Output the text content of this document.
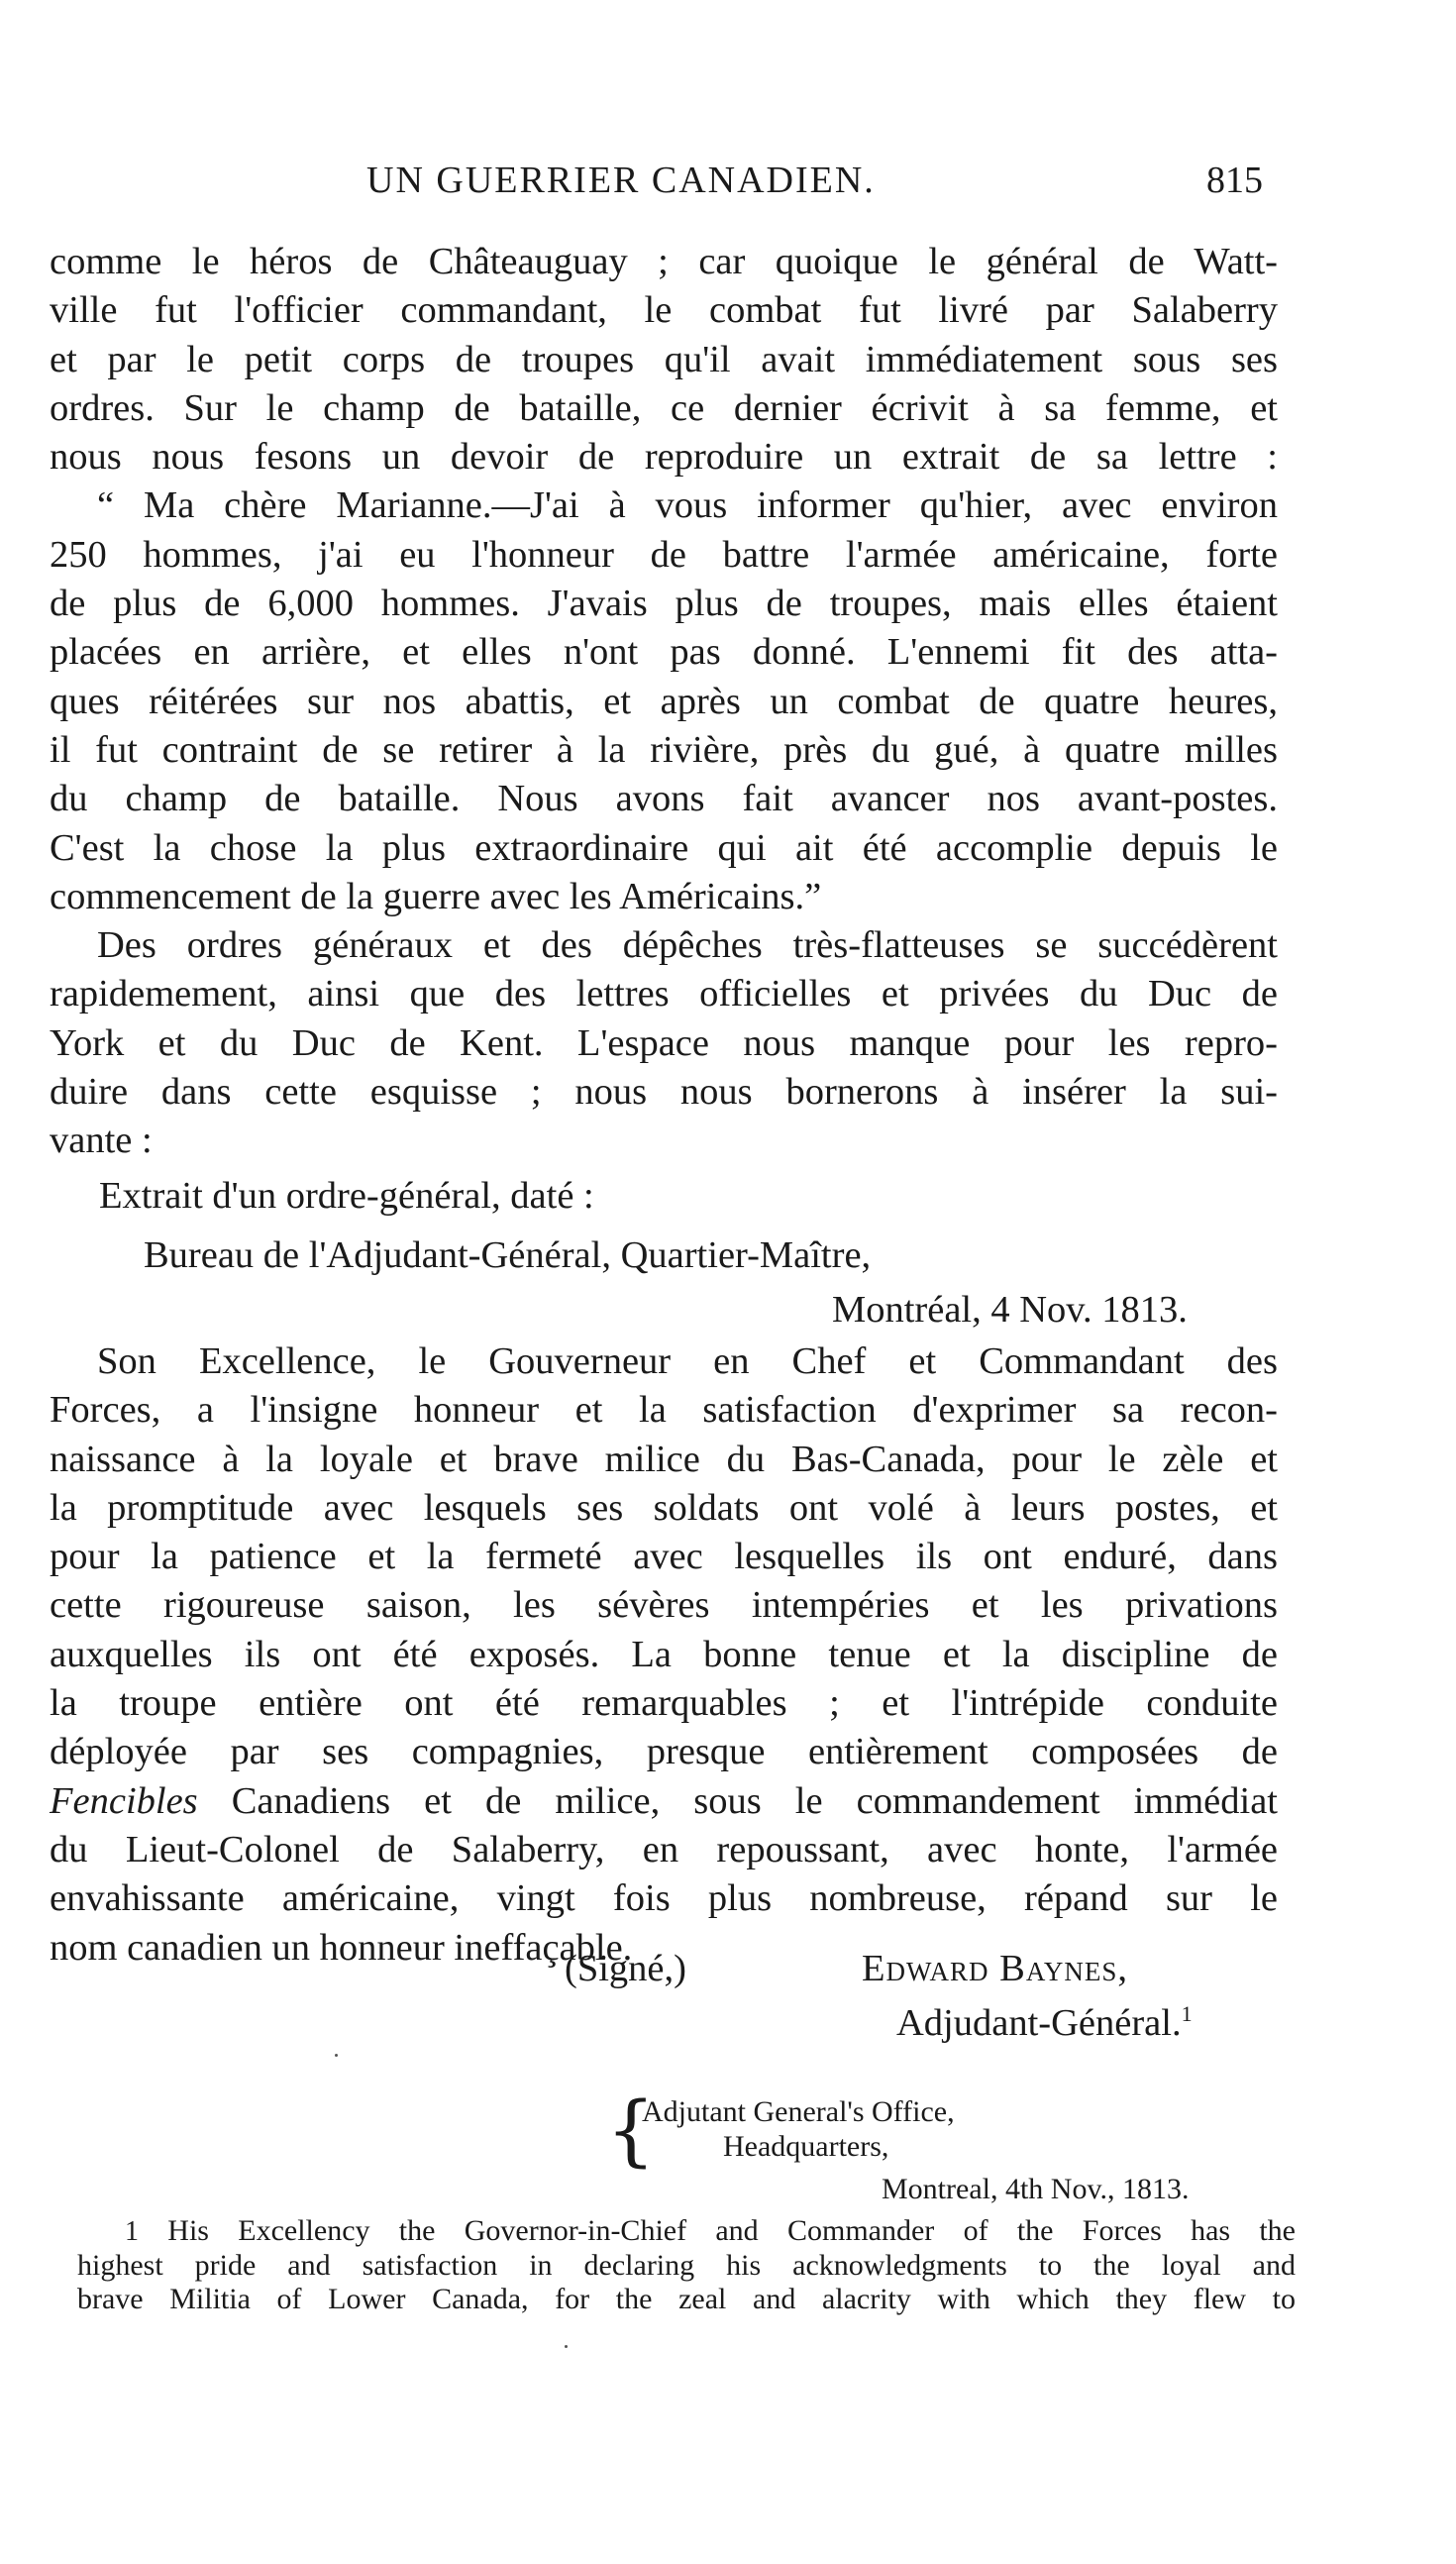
UN GUERRIER CANADIEN.	815

comme le héros de Châteauguay ; car quoique le général de Watt-
ville fut l'officier commandant, le combat fut livré par Salaberry
et par le petit corps de troupes qu'il avait immédiatement sous ses
ordres. Sur le champ de bataille, ce dernier écrivit à sa femme, et
nous nous fesons un devoir de reproduire un extrait de sa lettre :

“ Ma chère Marianne.—J'ai à vous informer qu'hier, avec environ
250 hommes, j'ai eu l'honneur de battre l'armée américaine, forte
de plus de 6,000 hommes. J'avais plus de troupes, mais elles étaient
placées en arrière, et elles n'ont pas donné. L'ennemi fit des atta-
ques réitérées sur nos abattis, et après un combat de quatre heures,
il fut contraint de se retirer à la rivière, près du gué, à quatre milles
du champ de bataille. Nous avons fait avancer nos avant-postes.
C'est la chose la plus extraordinaire qui ait été accomplie depuis le
commencement de la guerre avec les Américains.”

Des ordres généraux et des dépêches très-flatteuses se succédèrent
rapidemement, ainsi que des lettres officielles et privées du Duc de
York et du Duc de Kent. L'espace nous manque pour les repro-
duire dans cette esquisse ; nous nous bornerons à insérer la sui-
vante :

Extrait d'un ordre-général, daté :
Bureau de l'Adjudant-Général, Quartier-Maître,
Montréal, 4 Nov. 1813.
Son Excellence, le Gouverneur en Chef et Commandant des
Forces, a l'insigne honneur et la satisfaction d'exprimer sa recon-
naissance à la loyale et brave milice du Bas-Canada, pour le zèle et
la promptitude avec lesquels ses soldats ont volé à leurs postes, et
pour la patience et la fermeté avec lesquelles ils ont enduré, dans
cette rigoureuse saison, les sévères intempéries et les privations
auxquelles ils ont été exposés. La bonne tenue et la discipline de
la troupe entière ont été remarquables ; et l'intrépide conduite
déployée par ses compagnies, presque entièrement composées de
Fencibles Canadiens et de milice, sous le commandement immédiat
du Lieut-Colonel de Salaberry, en repoussant, avec honte, l'armée
envahissante américaine, vingt fois plus nombreuse, répand sur le
nom canadien un honneur ineffaçable.
(Signé,)	Edward Baynes,
Adjudant-Général.$^1$
{
Adjutant General's Office,
Headquarters,
Montreal, 4th Nov., 1813.
1 His Excellency the Governor-in-Chief and Commander of the Forces has the
highest pride and satisfaction in declaring his acknowledgments to the loyal and
brave Militia of Lower Canada, for the zeal and alacrity with which they flew to
